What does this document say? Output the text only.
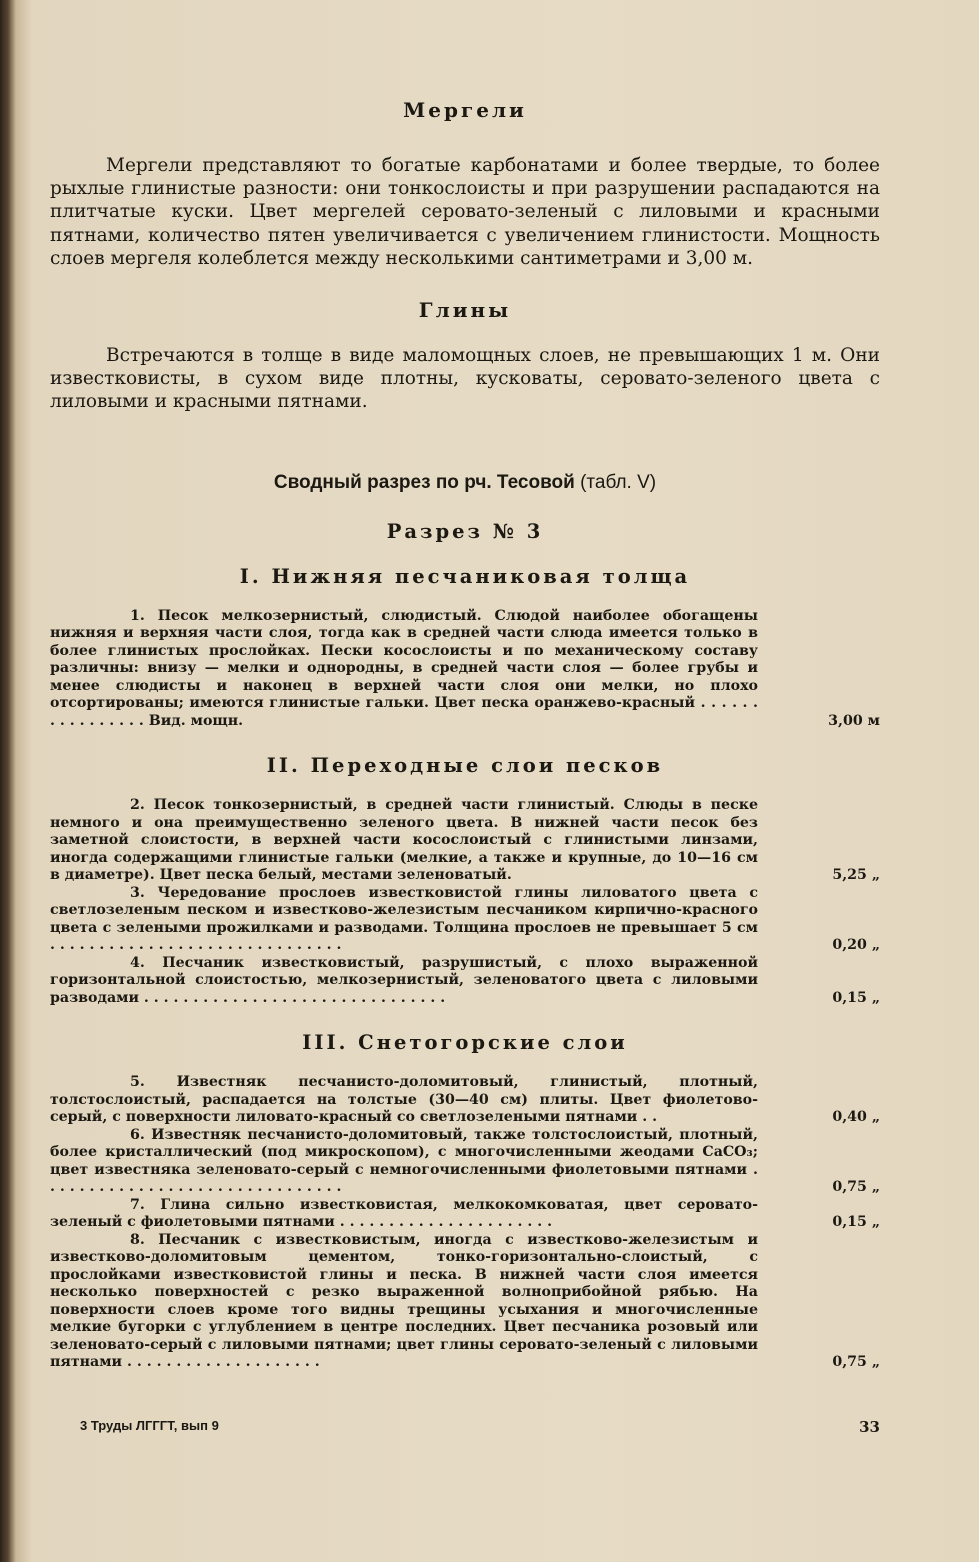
Мергели

Мергели представляют то богатые карбонатами и более твердые, то более рыхлые глинистые разности: они тонкослоисты и при разрушении распадаются на плитчатые куски. Цвет мергелей серовато-зеленый с лиловыми и красными пятнами, количество пятен увеличивается с увеличением глинистости. Мощность слоев мергеля колеблется между несколькими сантиметрами и 3,00 м.

Глины

Встречаются в толще в виде маломощных слоев, не превышающих 1 м. Они известковисты, в сухом виде плотны, кусковаты, серовато-зеленого цвета с лиловыми и красными пятнами.

Сводный разрез по рч. Тесовой (табл. V)
Разрез № 3
I. Нижняя песчаниковая толща
1. Песок мелкозернистый, слюдистый. Слюдой наиболее обогащены нижняя и верхняя части слоя, тогда как в средней части слюда имеется только в более глинистых прослойках. Пески косослоисты и по механическому составу различны: внизу — мелки и однородны, в средней части слоя — более грубы и менее слюдисты и наконец в верхней части слоя они мелки, но плохо отсортированы; имеются глинистые гальки. Цвет песка оранжево-красный . . . . . . . . . . . . . . . . Вид. мощн.	3,00 м
II. Переходные слои песков
2. Песок тонкозернистый, в средней части глинистый. Слюды в песке немного и она преимущественно зеленого цвета. В нижней части песок без заметной слоистости, в верхней части косослоистый с глинистыми линзами, иногда содержащими глинистые гальки (мелкие, а также и крупные, до 10—16 см в диаметре). Цвет песка белый, местами зеленоватый.	5,25 „
3. Чередование прослоев известковистой глины лиловатого цвета с светлозеленым песком и известково-железистым песчаником кирпично-красного цвета с зелеными прожилками и разводами. Толщина прослоев не превышает 5 см . . . . . . . . . . . . . . . . . . . . . . . . . . . . . .	0,20 „
4. Песчаник известковистый, разрушистый, с плохо выраженной горизонтальной слоистостью, мелкозернистый, зеленоватого цвета с лиловыми разводами . . . . . . . . . . . . . . . . . . . . . . . . . . . . . . .	0,15 „
III. Снетогорские слои
5. Известняк песчанисто-доломитовый, глинистый, плотный, толстослоистый, распадается на толстые (30—40 см) плиты. Цвет фиолетово-серый, с поверхности лиловато-красный со светлозелеными пятнами . .	0,40 „
6. Известняк песчанисто-доломитовый, также толстослоистый, плотный, более кристаллический (под микроскопом), с многочисленными жеодами СаСО₃; цвет известняка зеленовато-серый с немногочисленными фиолетовыми пятнами . . . . . . . . . . . . . . . . . . . . . . . . . . . . . . .	0,75 „
7. Глина сильно известковистая, мелкокомковатая, цвет серовато-зеленый с фиолетовыми пятнами . . . . . . . . . . . . . . . . . . . . . .	0,15 „
8. Песчаник с известковистым, иногда с известково-железистым и известково-доломитовым цементом, тонко-горизонтально-слоистый, с прослойками известковистой глины и песка. В нижней части слоя имеется несколько поверхностей с резко выраженной волноприбойной рябью. На поверхности слоев кроме того видны трещины усыхания и многочисленные мелкие бугорки с углублением в центре последних. Цвет песчаника розовый или зеленовато-серый с лиловыми пятнами; цвет глины серовато-зеленый с лиловыми пятнами . . . . . . . . . . . . . . . . . . . .	0,75 „
3 Труды ЛГГГТ, вып 9	33
